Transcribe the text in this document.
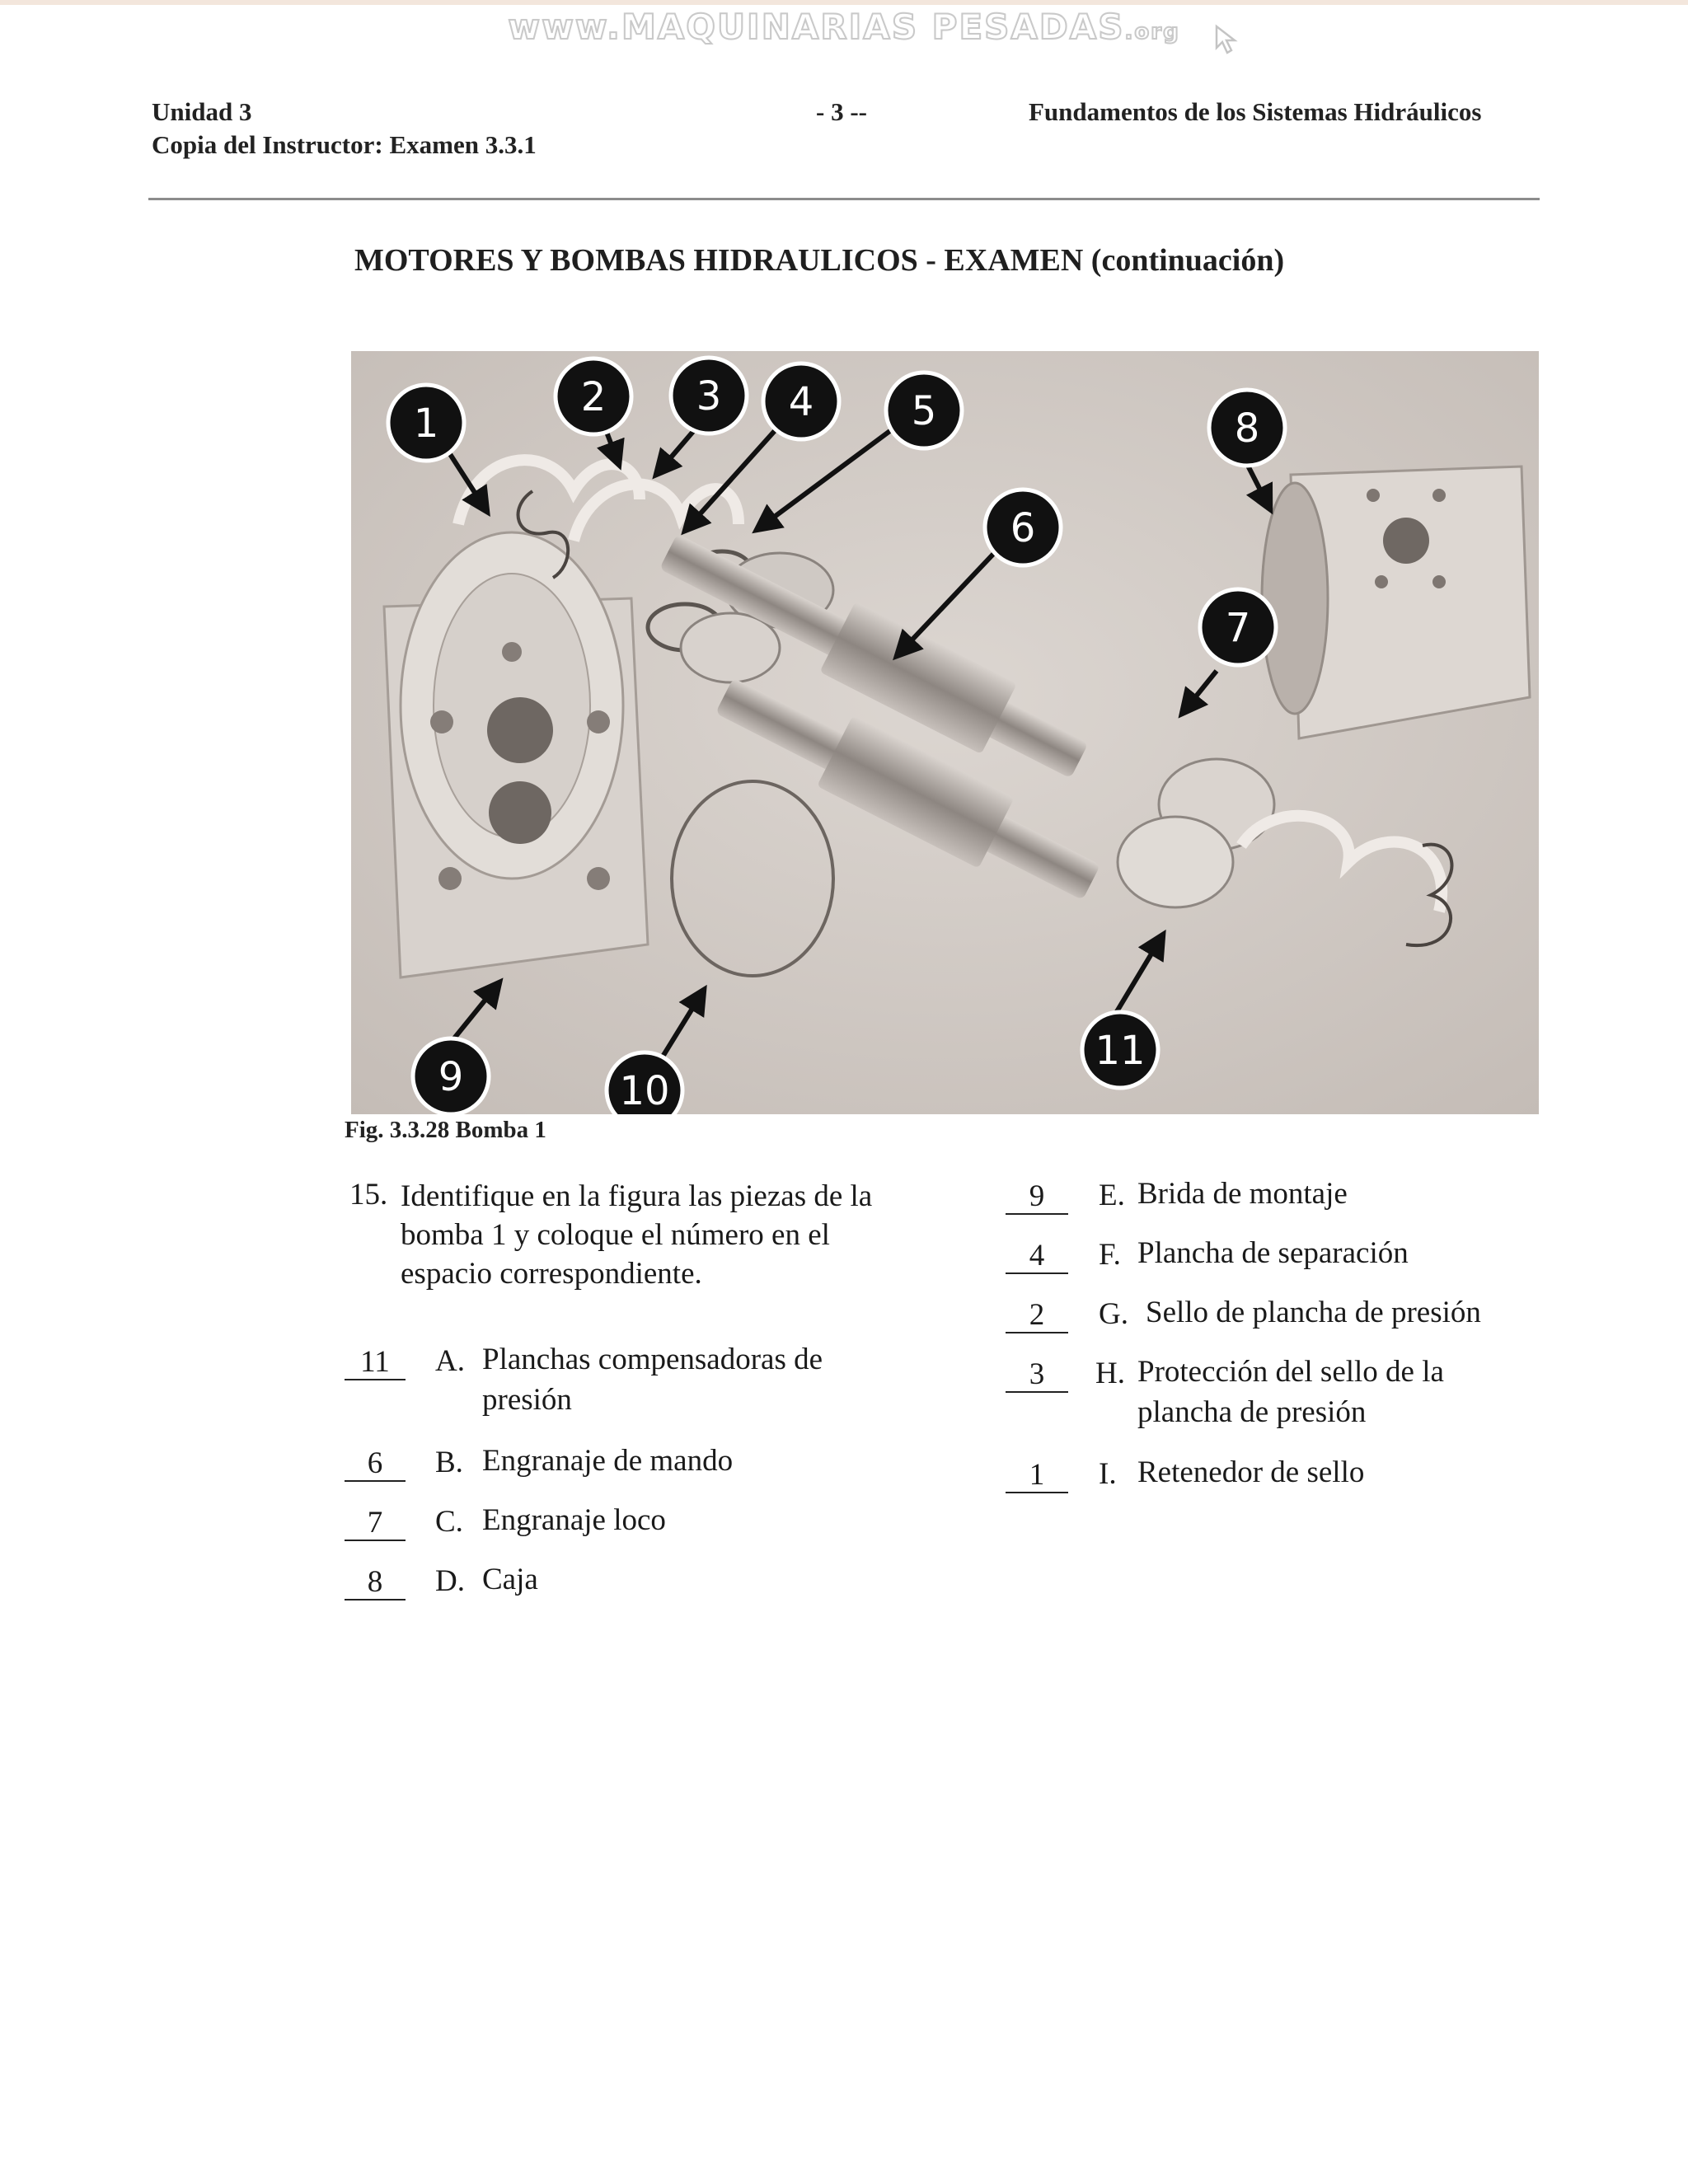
www.MAQUINARIAS PESADAS.org
Unidad 3	- 3 --	Fundamentos de los Sistemas Hidráulicos
Copia del Instructor: Examen 3.3.1
MOTORES Y BOMBAS HIDRAULICOS - EXAMEN (continuación)
1
2 3 4 5
6
7
8
9	10
11
Fig. 3.3.28 Bomba 1
15. Identifique en la figura las piezas de la bomba 1 y coloque el número en el espacio correspondiente.
11	A. Planchas compensadoras de presión
6	B. Engranaje de mando
7	C. Engranaje loco
8	D. Caja
9	E. Brida de montaje
4	F. Plancha de separación
2	G. Sello de plancha de presión
3	H. Protección del sello de la plancha de presión
1	I. Retenedor de sello
